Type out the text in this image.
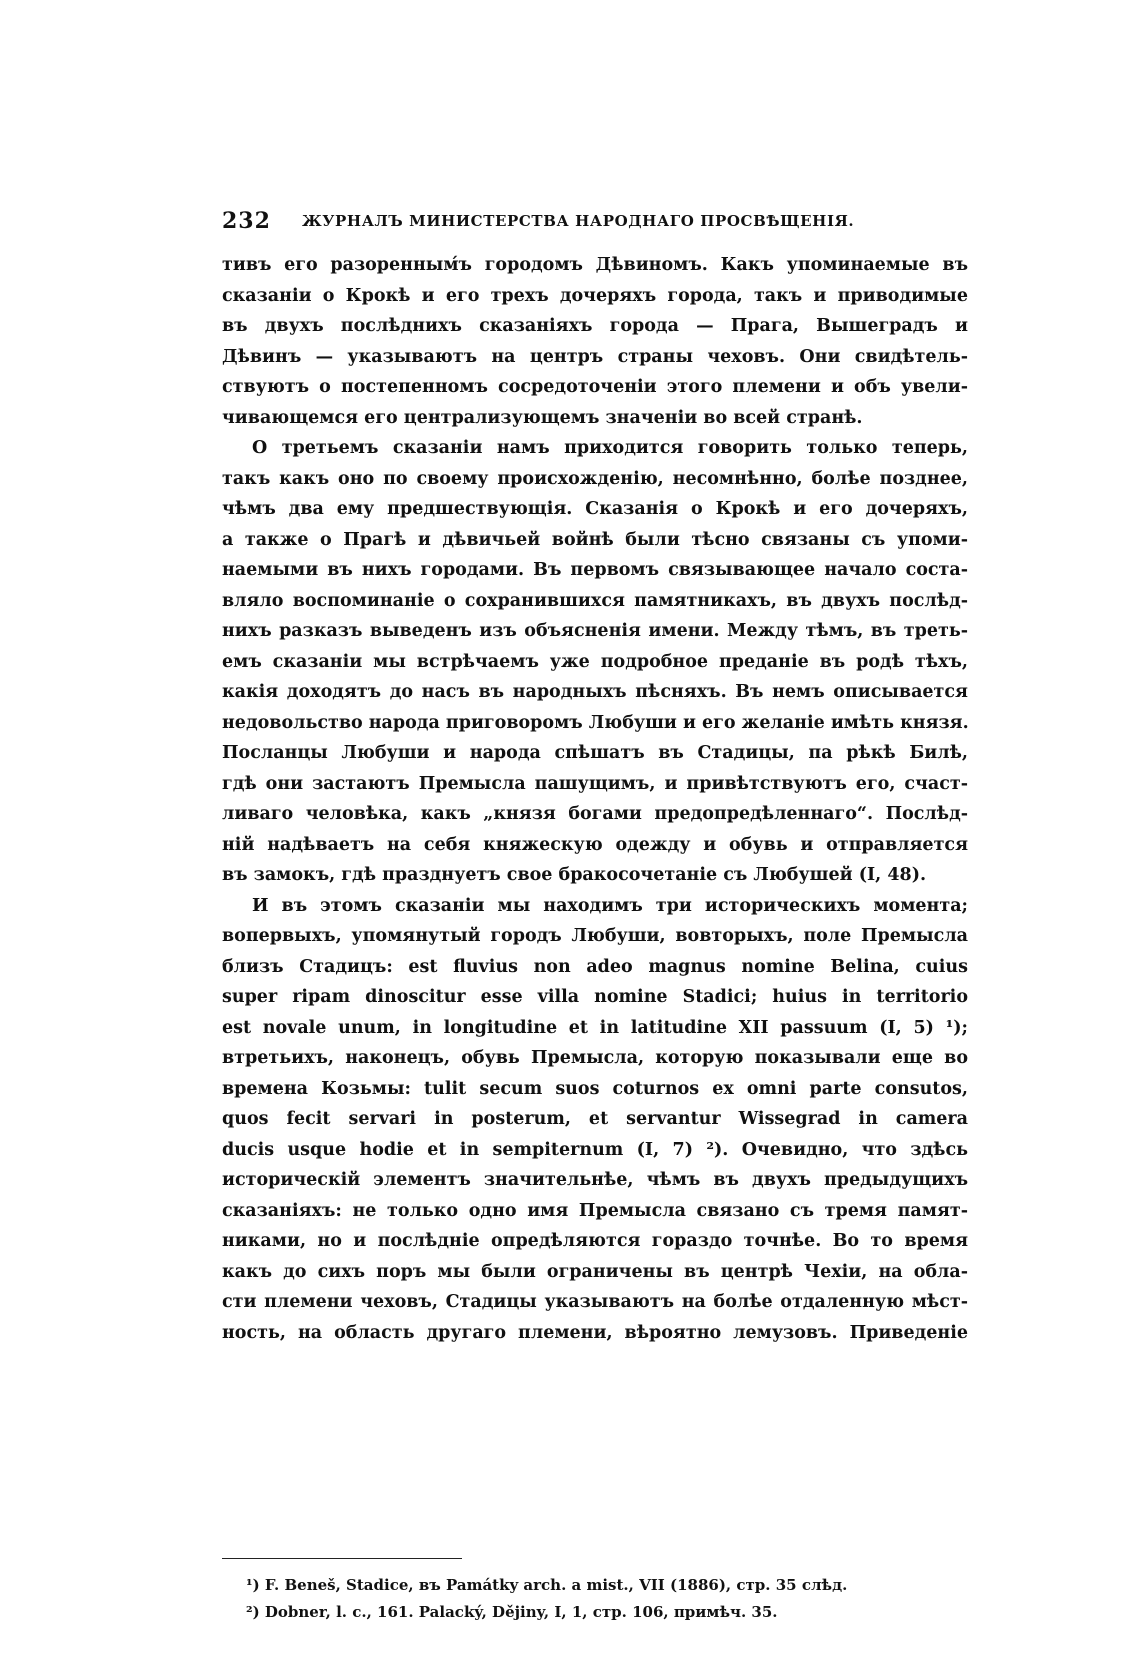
232 ЖУРНАЛЪ МИНИСТЕРСТВА НАРОДНАГО ПРОСВѢЩЕНІЯ.
тивъ его разоренным́ъ городомъ Дѣвиномъ. Какъ упоминаемые въ
сказаніи о Крокѣ и его трехъ дочеряхъ города, такъ и приводимые
въ двухъ послѣднихъ сказаніяхъ города — Прага, Вышеградъ и
Дѣвинъ — указываютъ на центръ страны чеховъ. Они свидѣтель-
ствуютъ о постепенномъ сосредоточеніи этого племени и объ увели-
чивающемся его централизующемъ значеніи во всей странѣ.
О третьемъ сказаніи намъ приходится говорить только теперь,
такъ какъ оно по своему происхожденію, несомнѣнно, болѣе позднее,
чѣмъ два ему предшествующія. Сказанія о Крокѣ и его дочеряхъ,
а также о Прагѣ и дѣвичьей войнѣ были тѣсно связаны съ упоми-
наемыми въ нихъ городами. Въ первомъ связывающее начало соста-
вляло воспоминаніе о сохранившихся памятникахъ, въ двухъ послѣд-
нихъ разказъ выведенъ изъ объясненія имени. Между тѣмъ, въ треть-
емъ сказаніи мы встрѣчаемъ уже подробное преданіе въ родѣ тѣхъ,
какія доходятъ до насъ въ народныхъ пѣсняхъ. Въ немъ описывается
недовольство народа приговоромъ Любуши и его желаніе имѣть князя.
Посланцы Любуши и народа спѣшатъ въ Стадицы, па рѣкѣ Билѣ,
гдѣ они застаютъ Премысла пашущимъ, и привѣтствуютъ его, счаст-
ливаго человѣка, какъ „князя богами предопредѣленнаго“. Послѣд-
ній надѣваетъ на себя княжескую одежду и обувь и отправляется
въ замокъ, гдѣ празднуетъ свое бракосочетаніе съ Любушей (I, 48).
И въ этомъ сказаніи мы находимъ три историческихъ момента;
вопервыхъ, упомянутый городъ Любуши, вовторыхъ, поле Премысла
близъ Стадицъ: est fluvius non adeo magnus nomine Belina, cuius
super ripam dinoscitur esse villa nomine Stadici; huius in territorio
est novale unum, in longitudine et in latitudine XII passuum (I, 5) ¹);
втретьихъ, наконецъ, обувь Премысла, которую показывали еще во
времена Козьмы: tulit secum suos coturnos ex omni parte consutos,
quos fecit servari in posterum, et servantur Wissegrad in camera
ducis usque hodie et in sempiternum (I, 7) ²). Очевидно, что здѣсь
историческій элементъ значительнѣе, чѣмъ въ двухъ предыдущихъ
сказаніяхъ: не только одно имя Премысла связано съ тремя памят-
никами, но и послѣдніе опредѣляются гораздо точнѣе. Во то время
какъ до сихъ поръ мы были ограничены въ центрѣ Чехіи, на обла-
сти племени чеховъ, Стадицы указываютъ на болѣе отдаленную мѣст-
ность, на область другаго племени, вѣроятно лемузовъ. Приведеніе
¹) F. Beneš, Stadice, въ Památky arch. a mist., VII (1886), стр. 35 слѣд.
²) Dobner, l. c., 161. Palacký, Dějiny, I, 1, стр. 106, примѣч. 35.
